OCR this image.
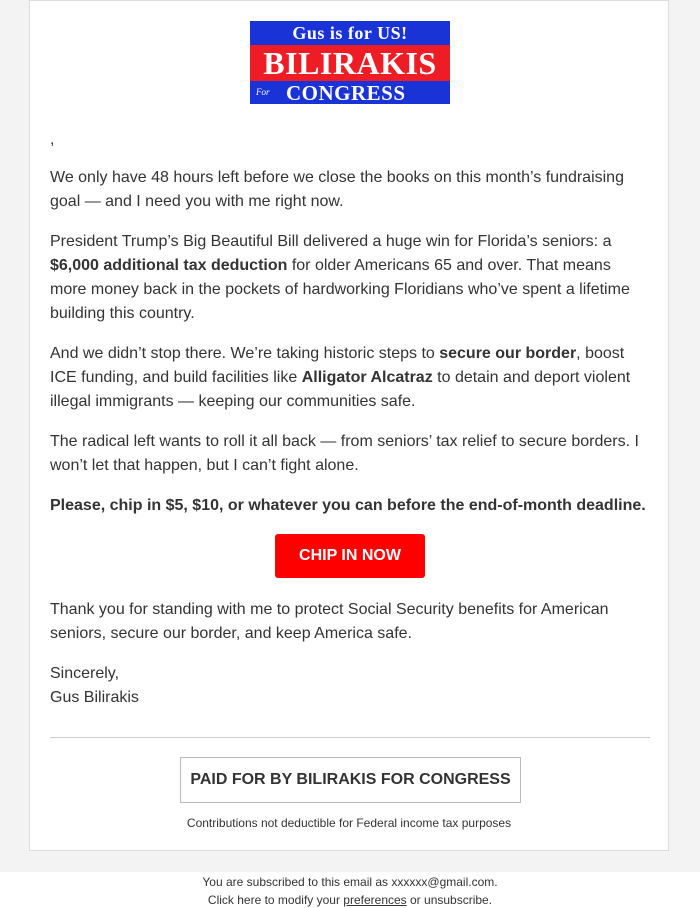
Gus is for US!
BILIRAKIS
For CONGRESS

,

We only have 48 hours left before we close the books on this month’s fundraising goal — and I need you with me right now.

President Trump’s Big Beautiful Bill delivered a huge win for Florida’s seniors: a $6,000 additional tax deduction for older Americans 65 and over. That means more money back in the pockets of hardworking Floridians who’ve spent a lifetime building this country.

And we didn’t stop there. We’re taking historic steps to secure our border, boost ICE funding, and build facilities like Alligator Alcatraz to detain and deport violent illegal immigrants — keeping our communities safe.

The radical left wants to roll it all back — from seniors’ tax relief to secure borders. I won’t let that happen, but I can’t fight alone.

Please, chip in $5, $10, or whatever you can before the end-of-month deadline.

CHIP IN NOW

Thank you for standing with me to protect Social Security benefits for American seniors, secure our border, and keep America safe.

Sincerely,
Gus Bilirakis

PAID FOR BY BILIRAKIS FOR CONGRESS
Contributions not deductible for Federal income tax purposes
You are subscribed to this email as xxxxxx@gmail.com.
Click here to modify your preferences or unsubscribe.
